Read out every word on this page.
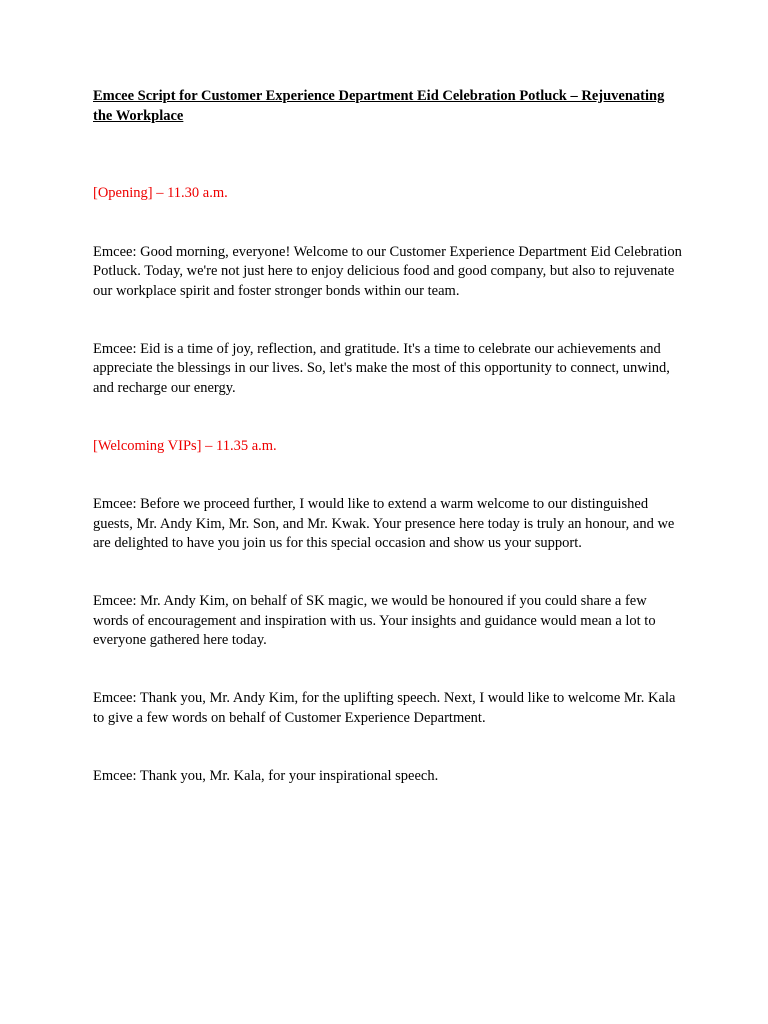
Emcee Script for Customer Experience Department Eid Celebration Potluck – Rejuvenating the Workplace

[Opening] – 11.30 a.m.

Emcee: Good morning, everyone! Welcome to our Customer Experience Department Eid Celebration Potluck. Today, we're not just here to enjoy delicious food and good company, but also to rejuvenate our workplace spirit and foster stronger bonds within our team.

Emcee: Eid is a time of joy, reflection, and gratitude. It's a time to celebrate our achievements and appreciate the blessings in our lives. So, let's make the most of this opportunity to connect, unwind, and recharge our energy.

[Welcoming VIPs] – 11.35 a.m.

Emcee: Before we proceed further, I would like to extend a warm welcome to our distinguished guests, Mr. Andy Kim, Mr. Son, and Mr. Kwak. Your presence here today is truly an honour, and we are delighted to have you join us for this special occasion and show us your support.

Emcee: Mr. Andy Kim, on behalf of SK magic, we would be honoured if you could share a few words of encouragement and inspiration with us. Your insights and guidance would mean a lot to everyone gathered here today.

Emcee: Thank you, Mr. Andy Kim, for the uplifting speech. Next, I would like to welcome Mr. Kala to give a few words on behalf of Customer Experience Department.

Emcee: Thank you, Mr. Kala, for your inspirational speech.
